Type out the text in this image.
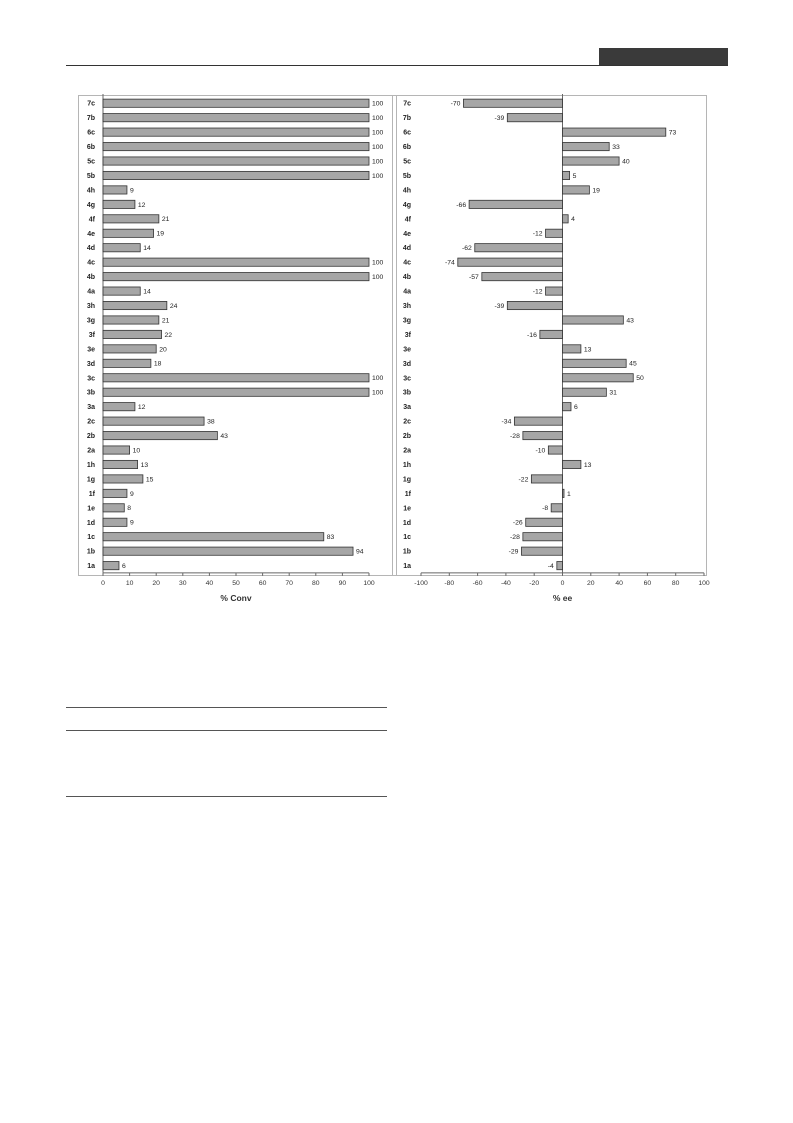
0	10	20	30	40	50	60	70	80	90	100
% Conv
7c	100
7b	100
6c	100
6b	100
5c	100
5b	100
4h	9
4g	12
4f	21
4e	19
4d	14
4c	100
4b	100
4a	14
3h	24
3g	21
3f	22
3e	20
3d	18
3c	100
3b	100
3a	12
2c	38
2b	43
2a	10
1h	13
1g	15
1f	9
1e	8
1d	9
1c	83
1b	94
1a	6
-100 -80	-60	-40	-20	0	20	40	60	80	100
% ee
7c	-70
7b	-39
6c	73
6b	33
5c	40
5b	5
4h	19
4g	-66
4f	4
4e	-12
4d	-62
4c	-74
4b	-57
4a	-12
3h	-39
3g	43
3f	-16
3e	13
3d	45
3c	50
3b	31
3a	6
2c	-34
2b	-28
2a	-10
1h	13
1g	-22
1f	1
1e	-8
1d	-26
1c	-28
1b	-29
1a	-4
